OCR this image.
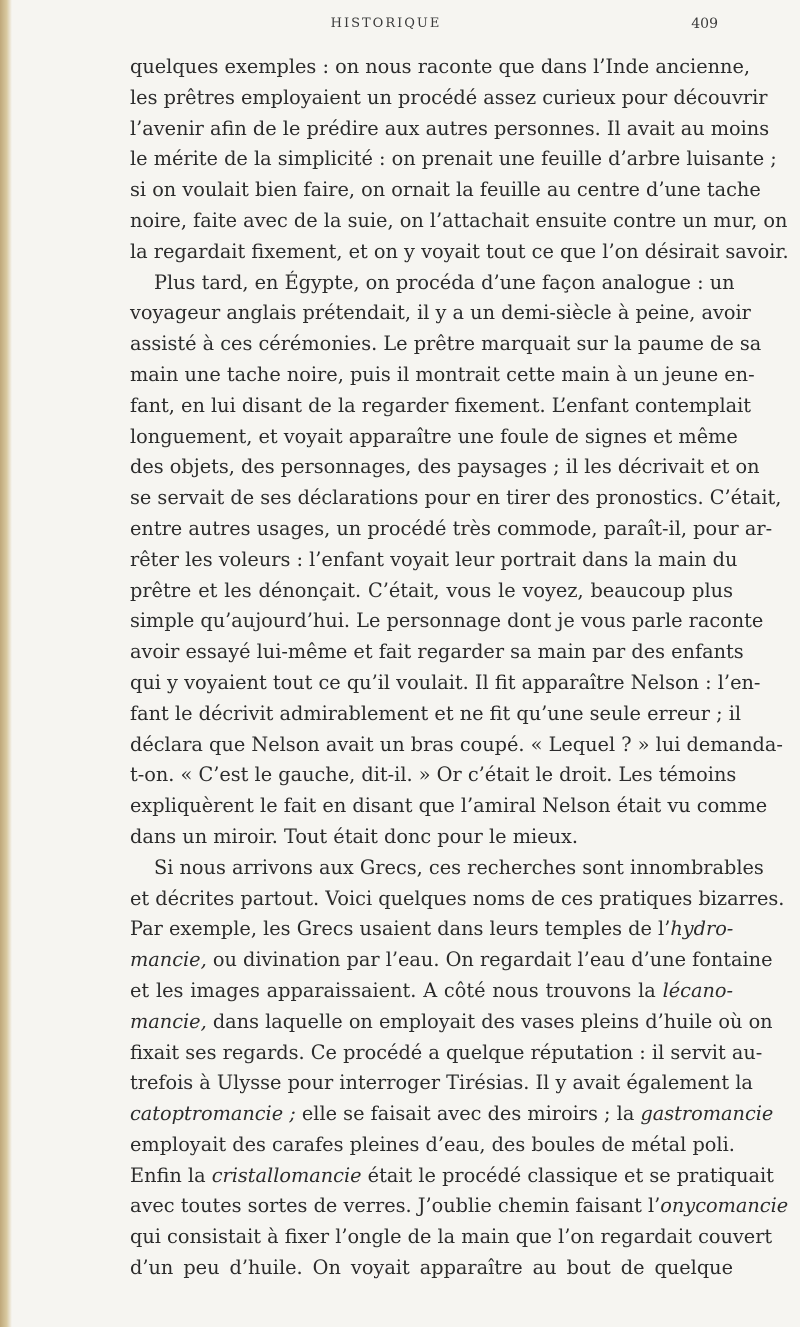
HISTORIQUE	409
quelques exemples : on nous raconte que dans l’Inde ancienne,
les prêtres employaient un procédé assez curieux pour découvrir
l’avenir afin de le prédire aux autres personnes. Il avait au moins
le mérite de la simplicité : on prenait une feuille d’arbre luisante ;
si on voulait bien faire, on ornait la feuille au centre d’une tache
noire, faite avec de la suie, on l’attachait ensuite contre un mur, on
la regardait fixement, et on y voyait tout ce que l’on désirait savoir.
Plus tard, en Égypte, on procéda d’une façon analogue : un
voyageur anglais prétendait, il y a un demi-siècle à peine, avoir
assisté à ces cérémonies. Le prêtre marquait sur la paume de sa
main une tache noire, puis il montrait cette main à un jeune en-
fant, en lui disant de la regarder fixement. L’enfant contemplait
longuement, et voyait apparaître une foule de signes et même
des objets, des personnages, des paysages ; il les décrivait et on
se servait de ses déclarations pour en tirer des pronostics. C’était,
entre autres usages, un procédé très commode, paraît-il, pour ar-
rêter les voleurs : l’enfant voyait leur portrait dans la main du
prêtre et les dénonçait. C’était, vous le voyez, beaucoup plus
simple qu’aujourd’hui. Le personnage dont je vous parle raconte
avoir essayé lui-même et fait regarder sa main par des enfants
qui y voyaient tout ce qu’il voulait. Il fit apparaître Nelson : l’en-
fant le décrivit admirablement et ne fit qu’une seule erreur ; il
déclara que Nelson avait un bras coupé. « Lequel ? » lui demanda-
t-on. « C’est le gauche, dit-il. » Or c’était le droit. Les témoins
expliquèrent le fait en disant que l’amiral Nelson était vu comme
dans un miroir. Tout était donc pour le mieux.
Si nous arrivons aux Grecs, ces recherches sont innombrables
et décrites partout. Voici quelques noms de ces pratiques bizarres.
Par exemple, les Grecs usaient dans leurs temples de l’hydro-
mancie, ou divination par l’eau. On regardait l’eau d’une fontaine
et les images apparaissaient. A côté nous trouvons la lécano-
mancie, dans laquelle on employait des vases pleins d’huile où on
fixait ses regards. Ce procédé a quelque réputation : il servit au-
trefois à Ulysse pour interroger Tirésias. Il y avait également la
catoptromancie ; elle se faisait avec des miroirs ; la gastromancie
employait des carafes pleines d’eau, des boules de métal poli.
Enfin la cristallomancie était le procédé classique et se pratiquait
avec toutes sortes de verres. J’oublie chemin faisant l’onycomancie
qui consistait à fixer l’ongle de la main que l’on regardait couvert
d’un peu d’huile. On voyait apparaître au bout de quelque
